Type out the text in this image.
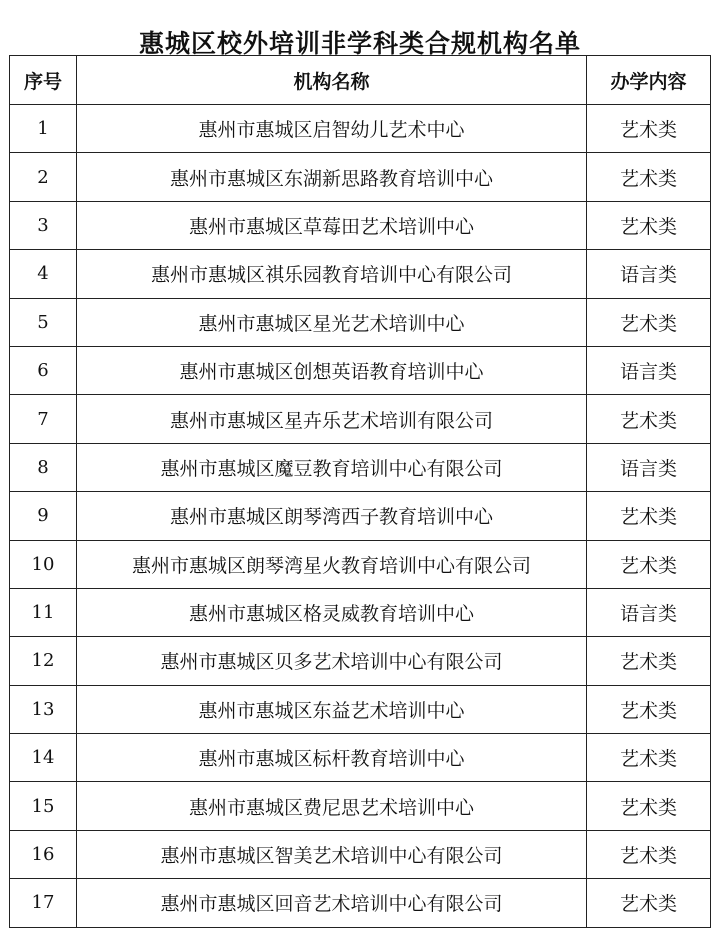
惠城区校外培训非学科类合规机构名单
序号	机构名称	办学内容
1	惠州市惠城区启智幼儿艺术中心	艺术类
2	惠州市惠城区东湖新思路教育培训中心	艺术类
3	惠州市惠城区草莓田艺术培训中心	艺术类
4	惠州市惠城区祺乐园教育培训中心有限公司	语言类
5	惠州市惠城区星光艺术培训中心	艺术类
6	惠州市惠城区创想英语教育培训中心	语言类
7	惠州市惠城区星卉乐艺术培训有限公司	艺术类
8	惠州市惠城区魔豆教育培训中心有限公司	语言类
9	惠州市惠城区朗琴湾西子教育培训中心	艺术类
10	惠州市惠城区朗琴湾星火教育培训中心有限公司	艺术类
11	惠州市惠城区格灵威教育培训中心	语言类
12	惠州市惠城区贝多艺术培训中心有限公司	艺术类
13	惠州市惠城区东益艺术培训中心	艺术类
14	惠州市惠城区标杆教育培训中心	艺术类
15	惠州市惠城区费尼思艺术培训中心	艺术类
16	惠州市惠城区智美艺术培训中心有限公司	艺术类
17	惠州市惠城区回音艺术培训中心有限公司	艺术类
